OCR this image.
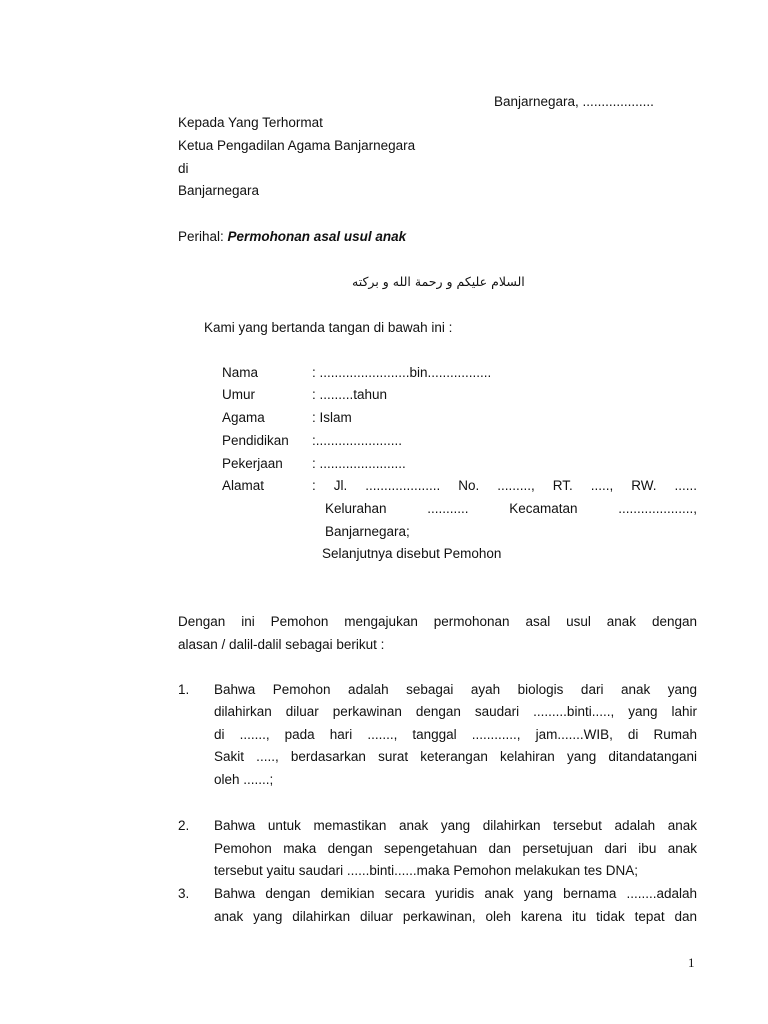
Banjarnegara, ...................
Kepada Yang Terhormat
Ketua Pengadilan Agama Banjarnegara
di
Banjarnegara
Perihal: Permohonan asal usul anak
السلام عليكم و رحمة الله و بركته
Kami yang bertanda tangan di bawah ini :
Nama	: ........................bin.................
Umur	: .........tahun
Agama	: Islam
Pendidikan :.......................
Pekerjaan : .......................
Alamat	: Jl. .................... No. ........., RT. ....., RW. ......
Kelurahan ........... Kecamatan ....................,
Banjarnegara;
Selanjutnya disebut Pemohon
Dengan ini Pemohon mengajukan permohonan asal usul anak dengan
alasan / dalil-dalil sebagai berikut :
1. Bahwa Pemohon adalah sebagai ayah biologis dari anak yang
dilahirkan diluar perkawinan dengan saudari .........binti....., yang lahir
di ......., pada hari ......., tanggal ............, jam.......WIB, di Rumah
Sakit ....., berdasarkan surat keterangan kelahiran yang ditandatangani
oleh .......;
2. Bahwa untuk memastikan anak yang dilahirkan tersebut adalah anak
Pemohon maka dengan sepengetahuan dan persetujuan dari ibu anak
tersebut yaitu saudari ......binti......maka Pemohon melakukan tes DNA;
3. Bahwa dengan demikian secara yuridis anak yang bernama ........adalah
anak yang dilahirkan diluar perkawinan, oleh karena itu tidak tepat dan
1
